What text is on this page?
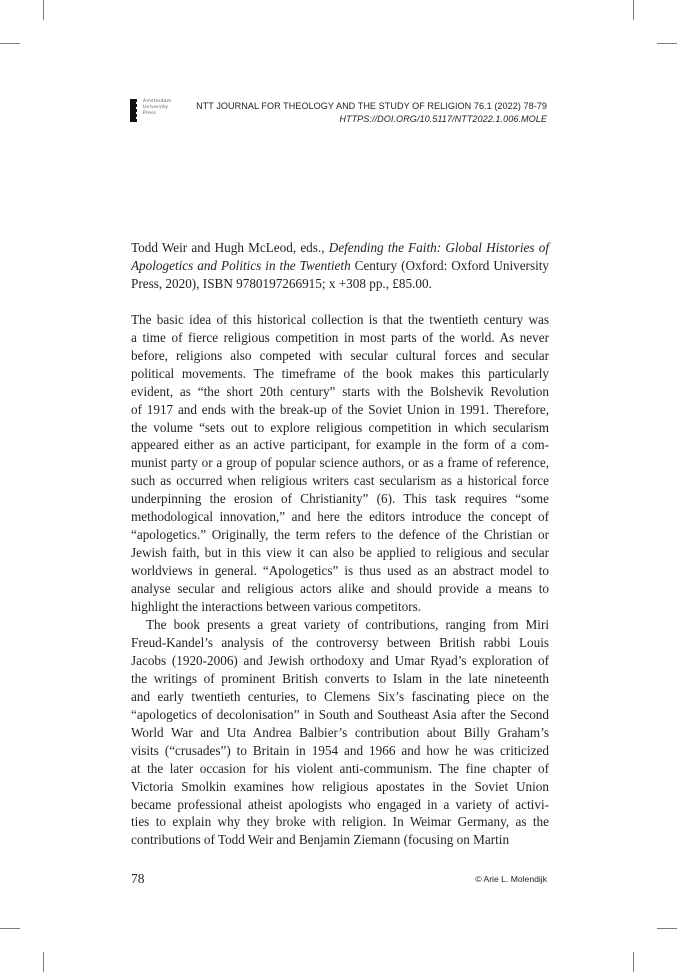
Amsterdam
University
Press
NTT JOURNAL FOR THEOLOGY AND THE STUDY OF RELIGION 76.1 (2022) 78-79
HTTPS://DOI.ORG/10.5117/NTT2022.1.006.MOLE

Todd Weir and Hugh McLeod, eds., Defending the Faith: Global Histories of
Apologetics and Politics in the Twentieth Century (Oxford: Oxford University
Press, 2020), ISBN 9780197266915; x +308 pp., £85.00.

The basic idea of this historical collection is that the twentieth century was
a time of fierce religious competition in most parts of the world. As never
before, religions also competed with secular cultural forces and secular
political movements. The timeframe of the book makes this particularly
evident, as “the short 20th century” starts with the Bolshevik Revolution
of 1917 and ends with the break-up of the Soviet Union in 1991. Therefore,
the volume “sets out to explore religious competition in which secularism
appeared either as an active participant, for example in the form of a com-
munist party or a group of popular science authors, or as a frame of reference,
such as occurred when religious writers cast secularism as a historical force
underpinning the erosion of Christianity” (6). This task requires “some
methodological innovation,” and here the editors introduce the concept of
“apologetics.” Originally, the term refers to the defence of the Christian or
Jewish faith, but in this view it can also be applied to religious and secular
worldviews in general. “Apologetics” is thus used as an abstract model to
analyse secular and religious actors alike and should provide a means to
highlight the interactions between various competitors.

The book presents a great variety of contributions, ranging from Miri
Freud-Kandel’s analysis of the controversy between British rabbi Louis
Jacobs (1920-2006) and Jewish orthodoxy and Umar Ryad’s exploration of
the writings of prominent British converts to Islam in the late nineteenth
and early twentieth centuries, to Clemens Six’s fascinating piece on the
“apologetics of decolonisation” in South and Southeast Asia after the Second
World War and Uta Andrea Balbier’s contribution about Billy Graham’s
visits (“crusades”) to Britain in 1954 and 1966 and how he was criticized
at the later occasion for his violent anti-communism. The fine chapter of
Victoria Smolkin examines how religious apostates in the Soviet Union
became professional atheist apologists who engaged in a variety of activi-
ties to explain why they broke with religion. In Weimar Germany, as the
contributions of Todd Weir and Benjamin Ziemann (focusing on Martin

78	© Arie L. Molendijk
